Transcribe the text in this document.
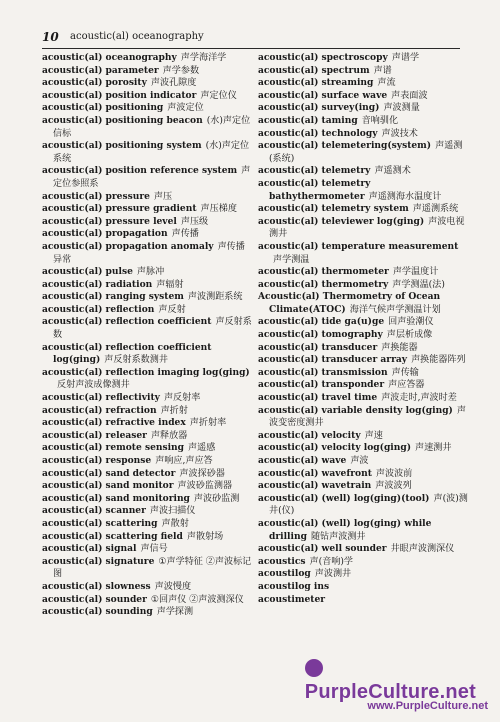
10 acoustic(al) oceanography
acoustic(al) oceanography 声学海洋学
acoustic(al) parameter 声学参数
acoustic(al) porosity 声波孔隙度
acoustic(al) position indicator 声定位仪
acoustic(al) positioning 声波定位
acoustic(al) positioning beacon (水)声定位信标
acoustic(al) positioning system (水)声定位系统
acoustic(al) position reference system 声定位参照系
acoustic(al) pressure 声压
acoustic(al) pressure gradient 声压梯度
acoustic(al) pressure level 声压级
acoustic(al) propagation 声传播
acoustic(al) propagation anomaly 声传播异常
acoustic(al) pulse 声脉冲
acoustic(al) radiation 声辐射
acoustic(al) ranging system 声波测距系统
acoustic(al) reflection 声反射
acoustic(al) reflection coefficient 声反射系数
acoustic(al) reflection coefficient log(ging) 声反射系数测井
acoustic(al) reflection imaging log(ging)反射声波成像测井
acoustic(al) reflectivity 声反射率
acoustic(al) refraction 声折射
acoustic(al) refractive index 声折射率
acoustic(al) releaser 声释放器
acoustic(al) remote sensing 声遥感
acoustic(al) response 声响应,声应答
acoustic(al) sand detector 声波探砂器
acoustic(al) sand monitor 声波砂监测器
acoustic(al) sand monitoring 声波砂监测
acoustic(al) scanner 声波扫描仪
acoustic(al) scattering 声散射
acoustic(al) scattering field 声散射场
acoustic(al) signal 声信号
acoustic(al) signature ①声学特征 ②声波标记图
acoustic(al) slowness 声波慢度
acoustic(al) sounder ①回声仪 ②声波测深仪
acoustic(al) sounding 声学探测
acoustic(al) spectroscopy 声谱学
acoustic(al) spectrum 声谱
acoustic(al) streaming 声流
acoustic(al) surface wave 声表面波
acoustic(al) survey(ing) 声波测量
acoustic(al) taming 音响驯化
acoustic(al) technology 声波技术
acoustic(al) telemetering(system) 声遥测(系统)
acoustic(al) telemetry 声遥测术
acoustic(al) telemetry bathythermometer 声遥测海水温度计
acoustic(al) telemetry system 声遥测系统
acoustic(al) televiewer log(ging) 声波电视测井
acoustic(al) temperature measurement声学测温
acoustic(al) thermometer 声学温度计
acoustic(al) thermometry 声学测温(法)
Acoustic(al) Thermometry of Ocean Climate(ATOC) 海洋气候声学测温计划
acoustic(al) tide ga(u)ge 回声验潮仪
acoustic(al) tomography 声层析成像
acoustic(al) transducer 声换能器
acoustic(al) transducer array 声换能器阵列
acoustic(al) transmission 声传输
acoustic(al) transponder 声应答器
acoustic(al) travel time 声波走时,声波时差
acoustic(al) variable density log(ging) 声波变密度测井
acoustic(al) velocity 声速
acoustic(al) velocity log(ging) 声速测井
acoustic(al) wave 声波
acoustic(al) wavefront 声波波前
acoustic(al) wavetrain 声波波列
acoustic(al) (well) log(ging)(tool) 声(波)测井(仪)
acoustic(al) (well) log(ging) while drilling 随钻声波测井
acoustic(al) well sounder 井眼声波测深仪
acoustics 声(音响)学
acoustilog 声波测井
acoustilog ins
acoustimeter
PurpleCulture.net
www.PurpleCulture.net
